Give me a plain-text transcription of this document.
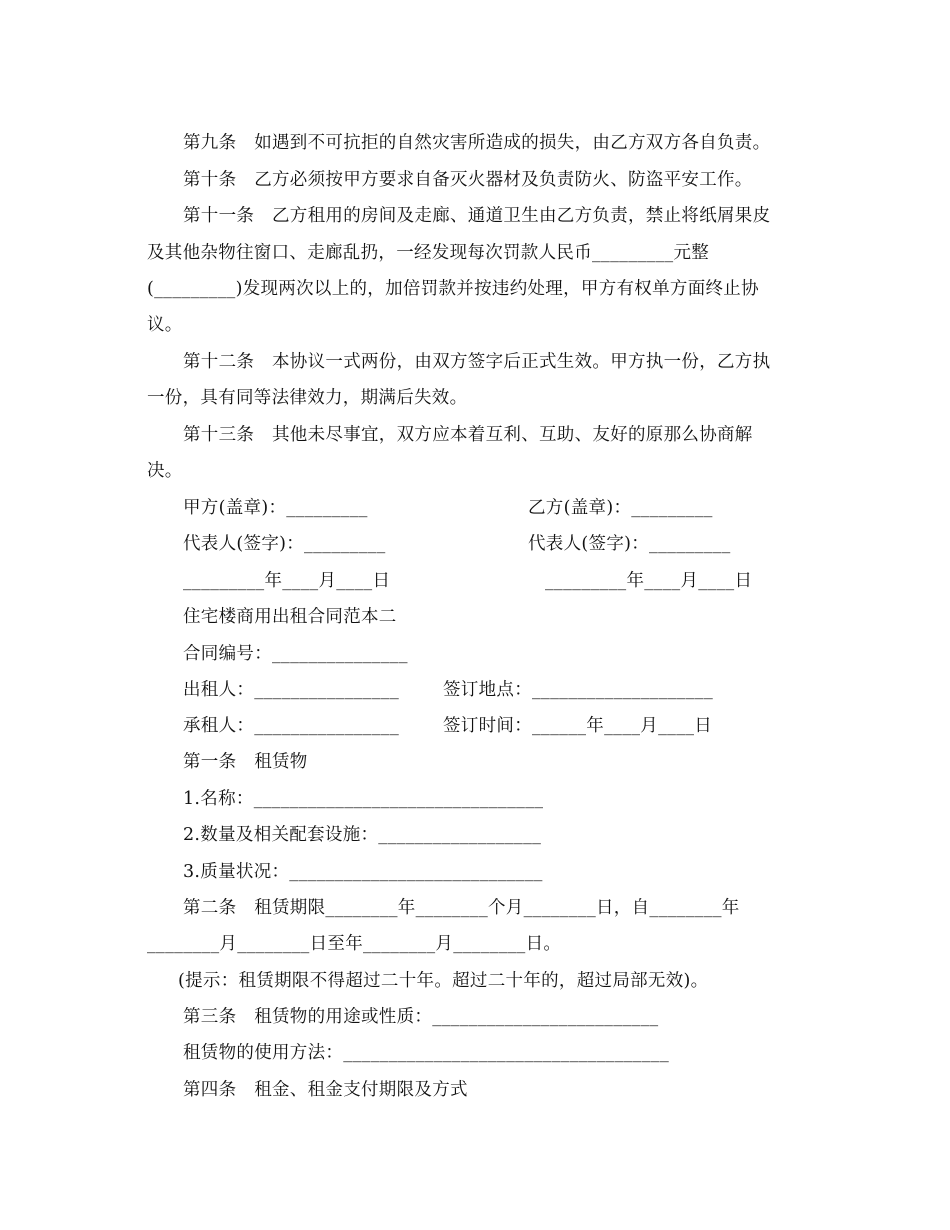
第九条　如遇到不可抗拒的自然灾害所造成的损失，由乙方双方各自负责。
第十条　乙方必须按甲方要求自备灭火器材及负责防火、防盗平安工作。
第十一条　乙方租用的房间及走廊、通道卫生由乙方负责，禁止将纸屑果皮
及其他杂物往窗口、走廊乱扔，一经发现每次罚款人民币_________元整
(_________)发现两次以上的，加倍罚款并按违约处理，甲方有权单方面终止协
议。
第十二条　本协议一式两份，由双方签字后正式生效。甲方执一份，乙方执
一份，具有同等法律效力，期满后失效。
第十三条　其他未尽事宜，双方应本着互利、互助、友好的原那么协商解
决。
甲方(盖章)：_________	乙方(盖章)：_________
代表人(签字)：_________	代表人(签字)：_________
_________年____月____日	_________年____月____日
住宅楼商用出租合同范本二
合同编号：_______________
出租人：________________	签订地点：____________________
承租人：________________	签订时间：______年____月____日
第一条　租赁物
1.名称：________________________________
2.数量及相关配套设施：__________________
3.质量状况：____________________________
第二条　租赁期限________年________个月________日，自________年
________月________日至年________月________日。
(提示：租赁期限不得超过二十年。超过二十年的，超过局部无效)。
第三条　租赁物的用途或性质：_________________________
租赁物的使用方法：____________________________________
第四条　租金、租金支付期限及方式
